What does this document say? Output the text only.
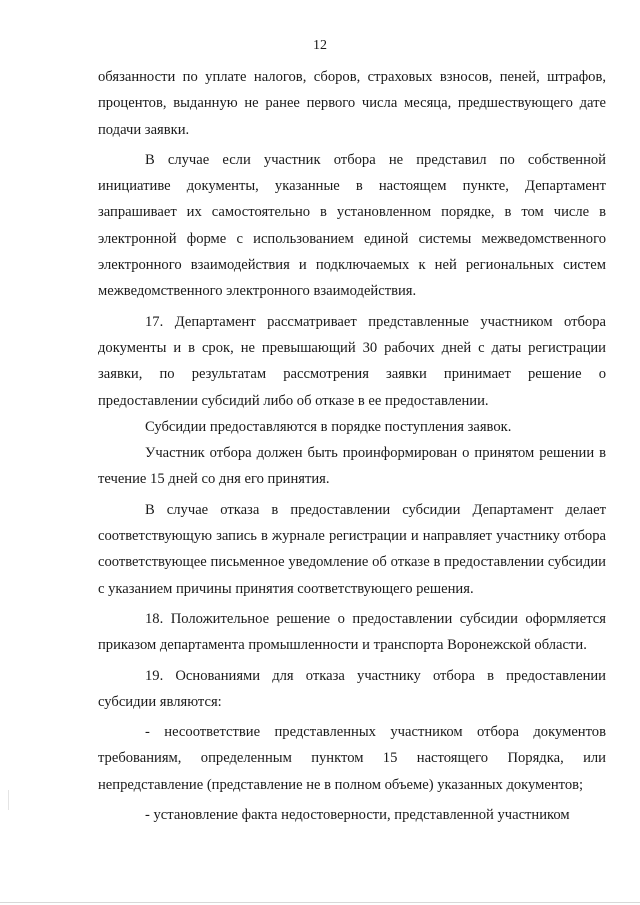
12

обязанности по уплате налогов, сборов, страховых взносов, пеней, штрафов, процентов, выданную не ранее первого числа месяца, предшествующего дате подачи заявки.

В случае если участник отбора не представил по собственной инициативе документы, указанные в настоящем пункте, Департамент запрашивает их самостоятельно в установленном порядке, в том числе в электронной форме с использованием единой системы межведомственного электронного взаимодействия и подключаемых к ней региональных систем межведомственного электронного взаимодействия.

17. Департамент рассматривает представленные участником отбора документы и в срок, не превышающий 30 рабочих дней с даты регистрации заявки, по результатам рассмотрения заявки принимает решение о предоставлении субсидий либо об отказе в ее предоставлении.

Субсидии предоставляются в порядке поступления заявок.

Участник отбора должен быть проинформирован о принятом решении в течение 15 дней со дня его принятия.

В случае отказа в предоставлении субсидии Департамент делает соответствующую запись в журнале регистрации и направляет участнику отбора соответствующее письменное уведомление об отказе в предоставлении субсидии с указанием причины принятия соответствующего решения.

18. Положительное решение о предоставлении субсидии оформляется приказом департамента промышленности и транспорта Воронежской области.

19. Основаниями для отказа участнику отбора в предоставлении субсидии являются:

- несоответствие представленных участником отбора документов требованиям, определенным пунктом 15 настоящего Порядка, или непредставление (представление не в полном объеме) указанных документов;

- установление факта недостоверности, представленной участником
